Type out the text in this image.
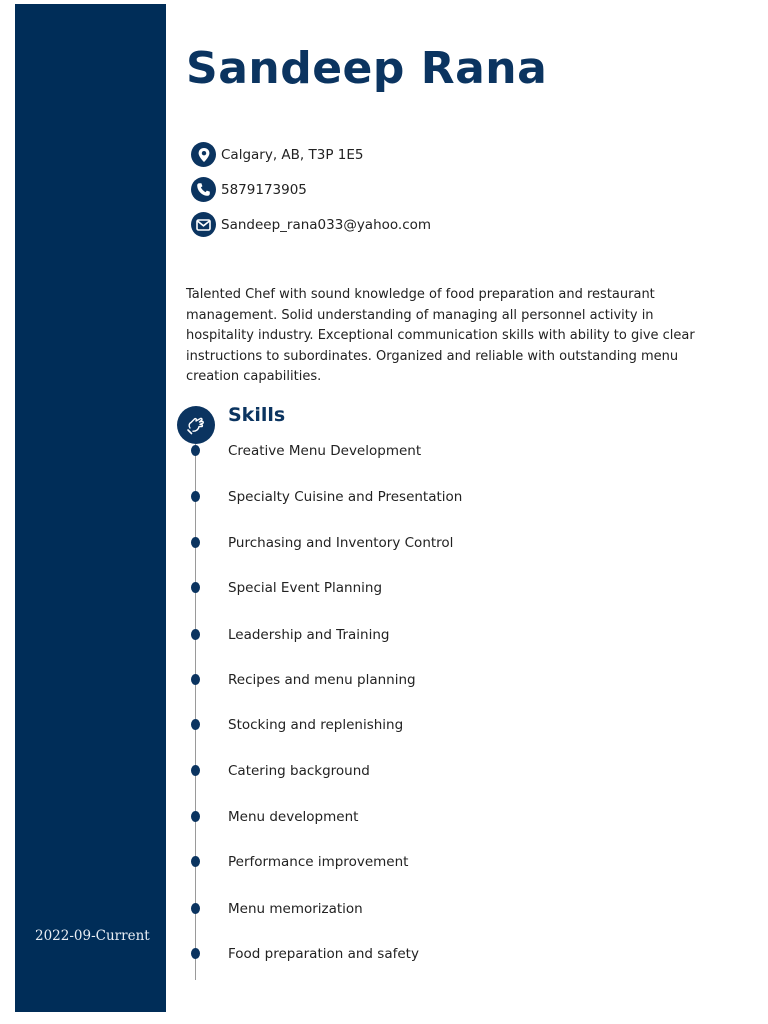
2022-09-Current
Sandeep Rana
Calgary, AB, T3P 1E5
5879173905
Sandeep_rana033@yahoo.com

Talented Chef with sound knowledge of food preparation and restaurant management. Solid understanding of managing all personnel activity in hospitality industry. Exceptional communication skills with ability to give clear instructions to subordinates. Organized and reliable with outstanding menu creation capabilities.

Skills
Creative Menu Development
Specialty Cuisine and Presentation
Purchasing and Inventory Control
Special Event Planning
Leadership and Training
Recipes and menu planning
Stocking and replenishing
Catering background
Menu development
Performance improvement
Menu memorization
Food preparation and safety
